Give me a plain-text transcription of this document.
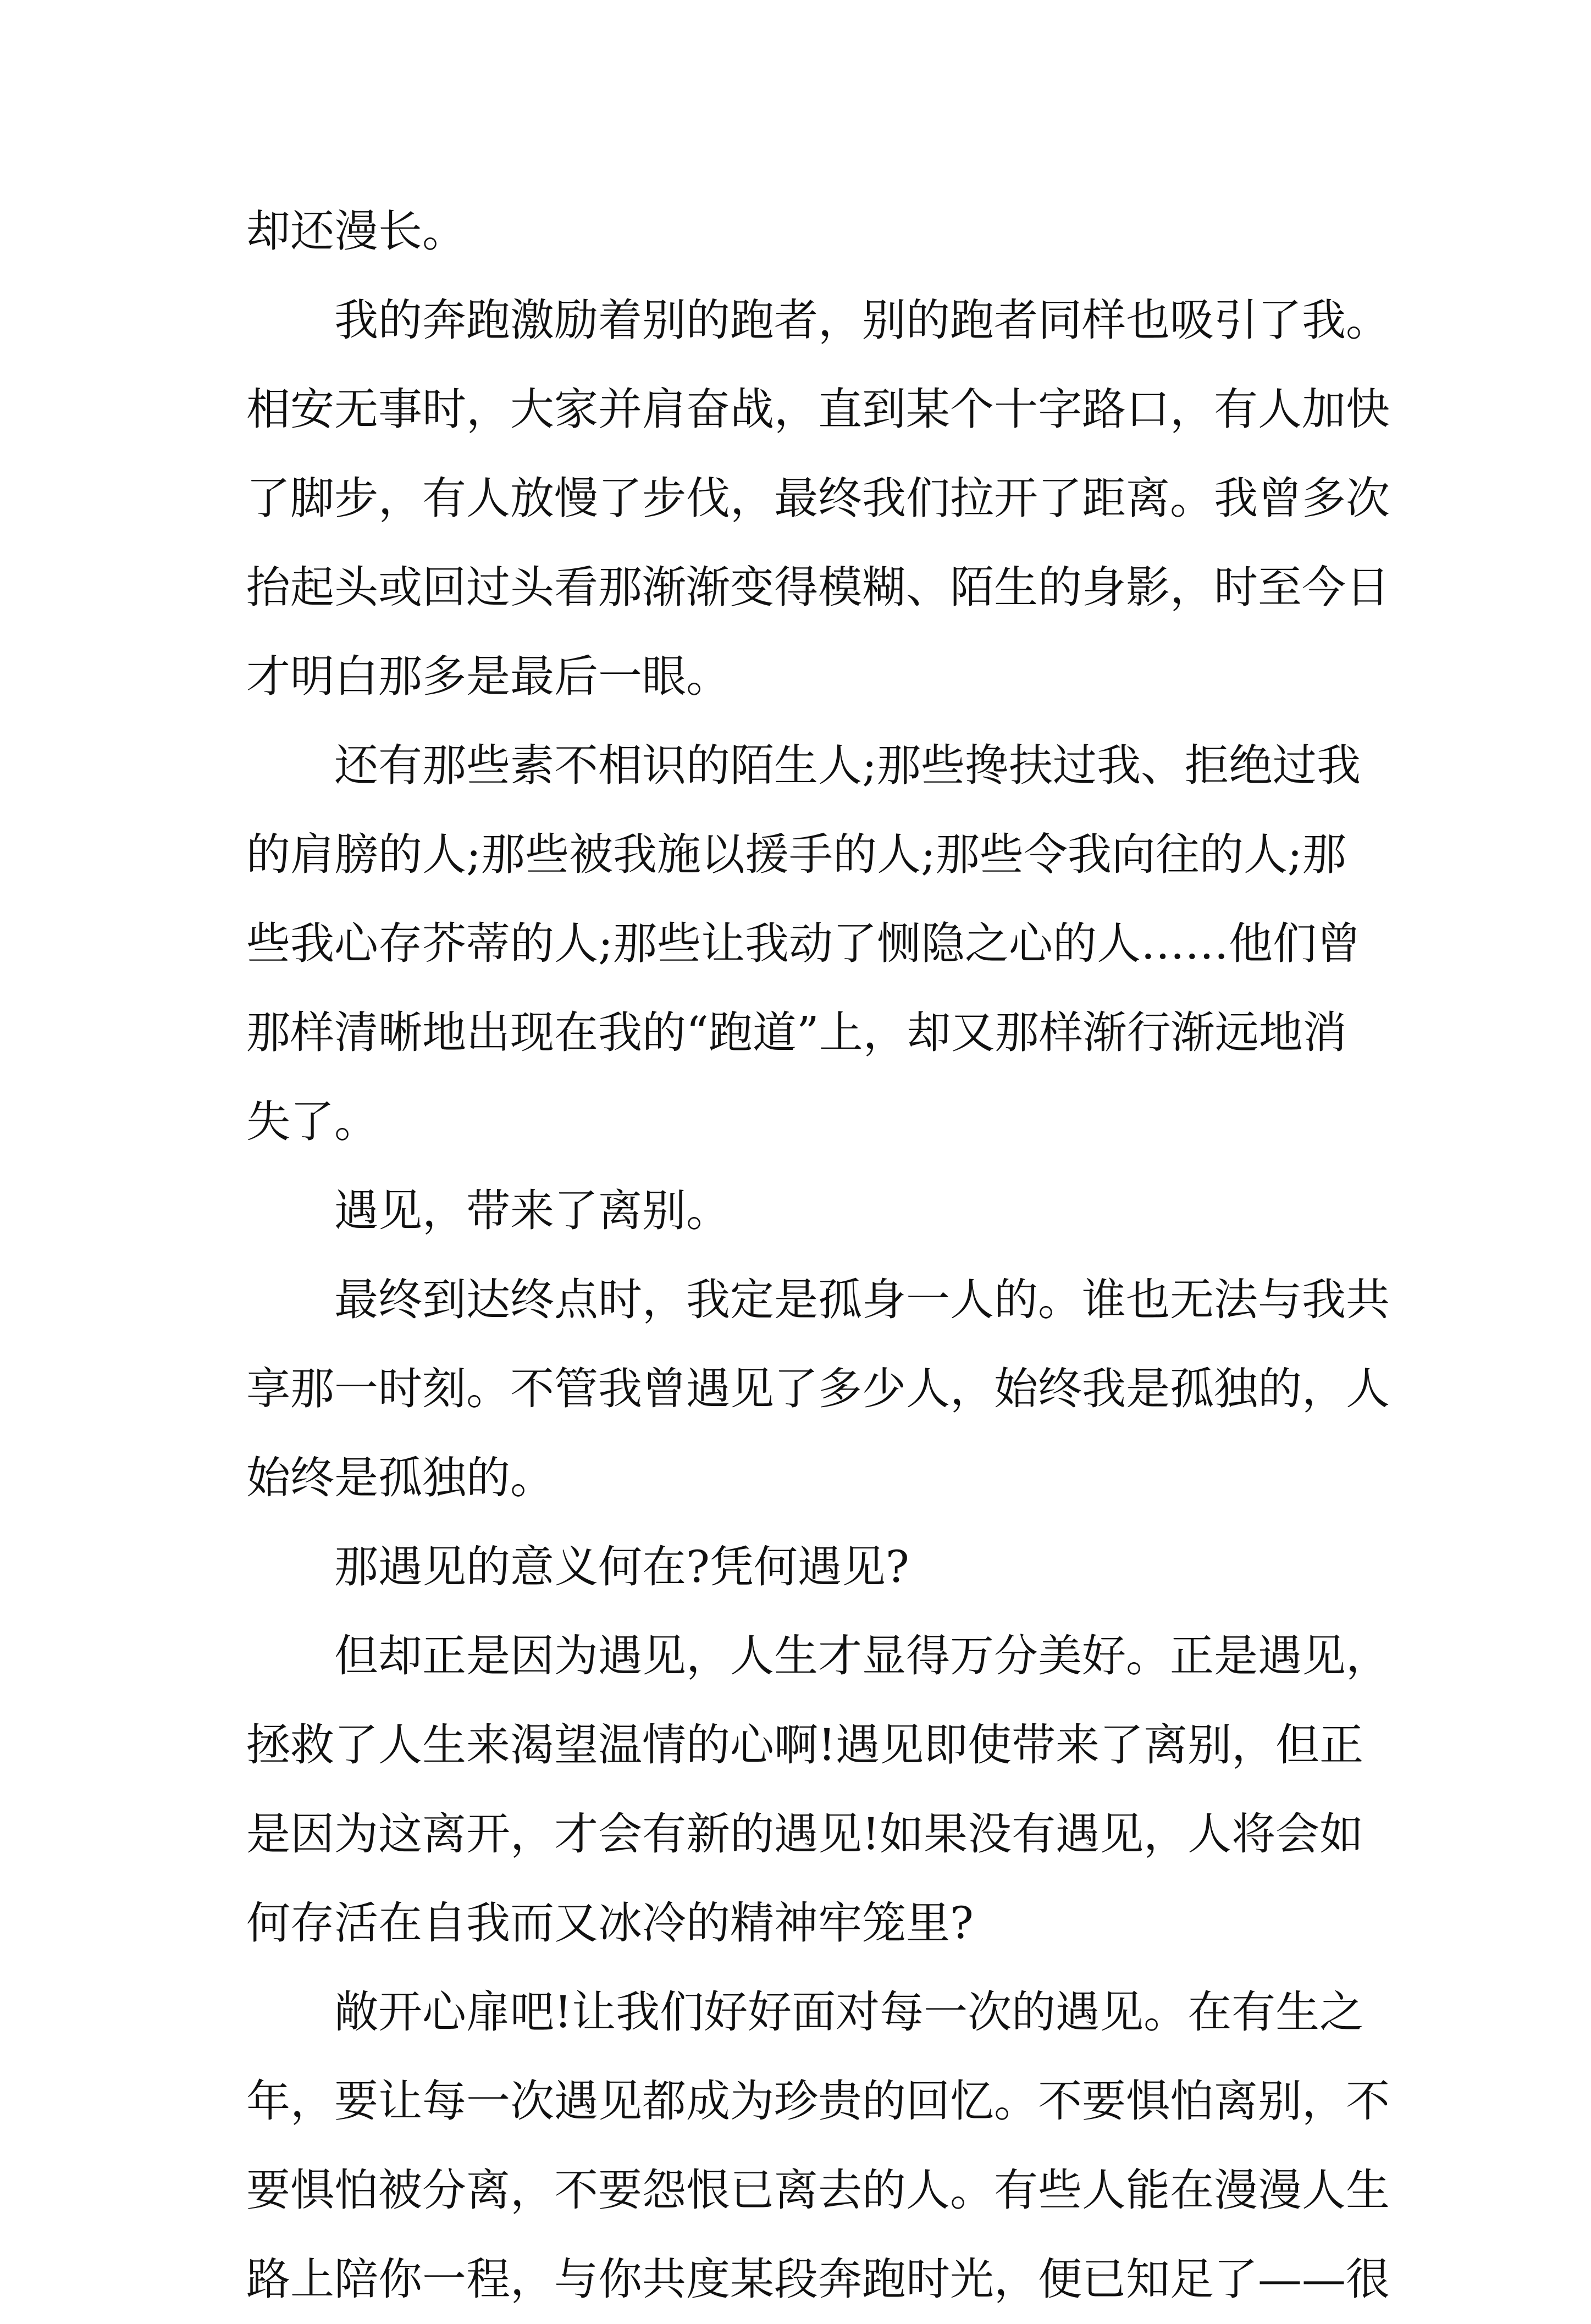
却还漫长。
我的奔跑激励着别的跑者，别的跑者同样也吸引了我。
相安无事时，大家并肩奋战，直到某个十字路口，有人加快
了脚步，有人放慢了步伐，最终我们拉开了距离。我曾多次
抬起头或回过头看那渐渐变得模糊、陌生的身影，时至今日
才明白那多是最后一眼。
还有那些素不相识的陌生人;那些搀扶过我、拒绝过我
的肩膀的人;那些被我施以援手的人;那些令我向往的人;那
些我心存芥蒂的人;那些让我动了恻隐之心的人……他们曾
那样清晰地出现在我的“跑道”上，却又那样渐行渐远地消
失了。
遇见，带来了离别。
最终到达终点时，我定是孤身一人的。谁也无法与我共
享那一时刻。不管我曾遇见了多少人，始终我是孤独的，人
始终是孤独的。
那遇见的意义何在?凭何遇见?
但却正是因为遇见，人生才显得万分美好。正是遇见，
拯救了人生来渴望温情的心啊!遇见即使带来了离别，但正
是因为这离开，才会有新的遇见!如果没有遇见，人将会如
何存活在自我而又冰冷的精神牢笼里?
敞开心扉吧!让我们好好面对每一次的遇见。在有生之
年，要让每一次遇见都成为珍贵的回忆。不要惧怕离别，不
要惧怕被分离，不要怨恨已离去的人。有些人能在漫漫人生
路上陪你一程，与你共度某段奔跑时光，便已知足了——很
